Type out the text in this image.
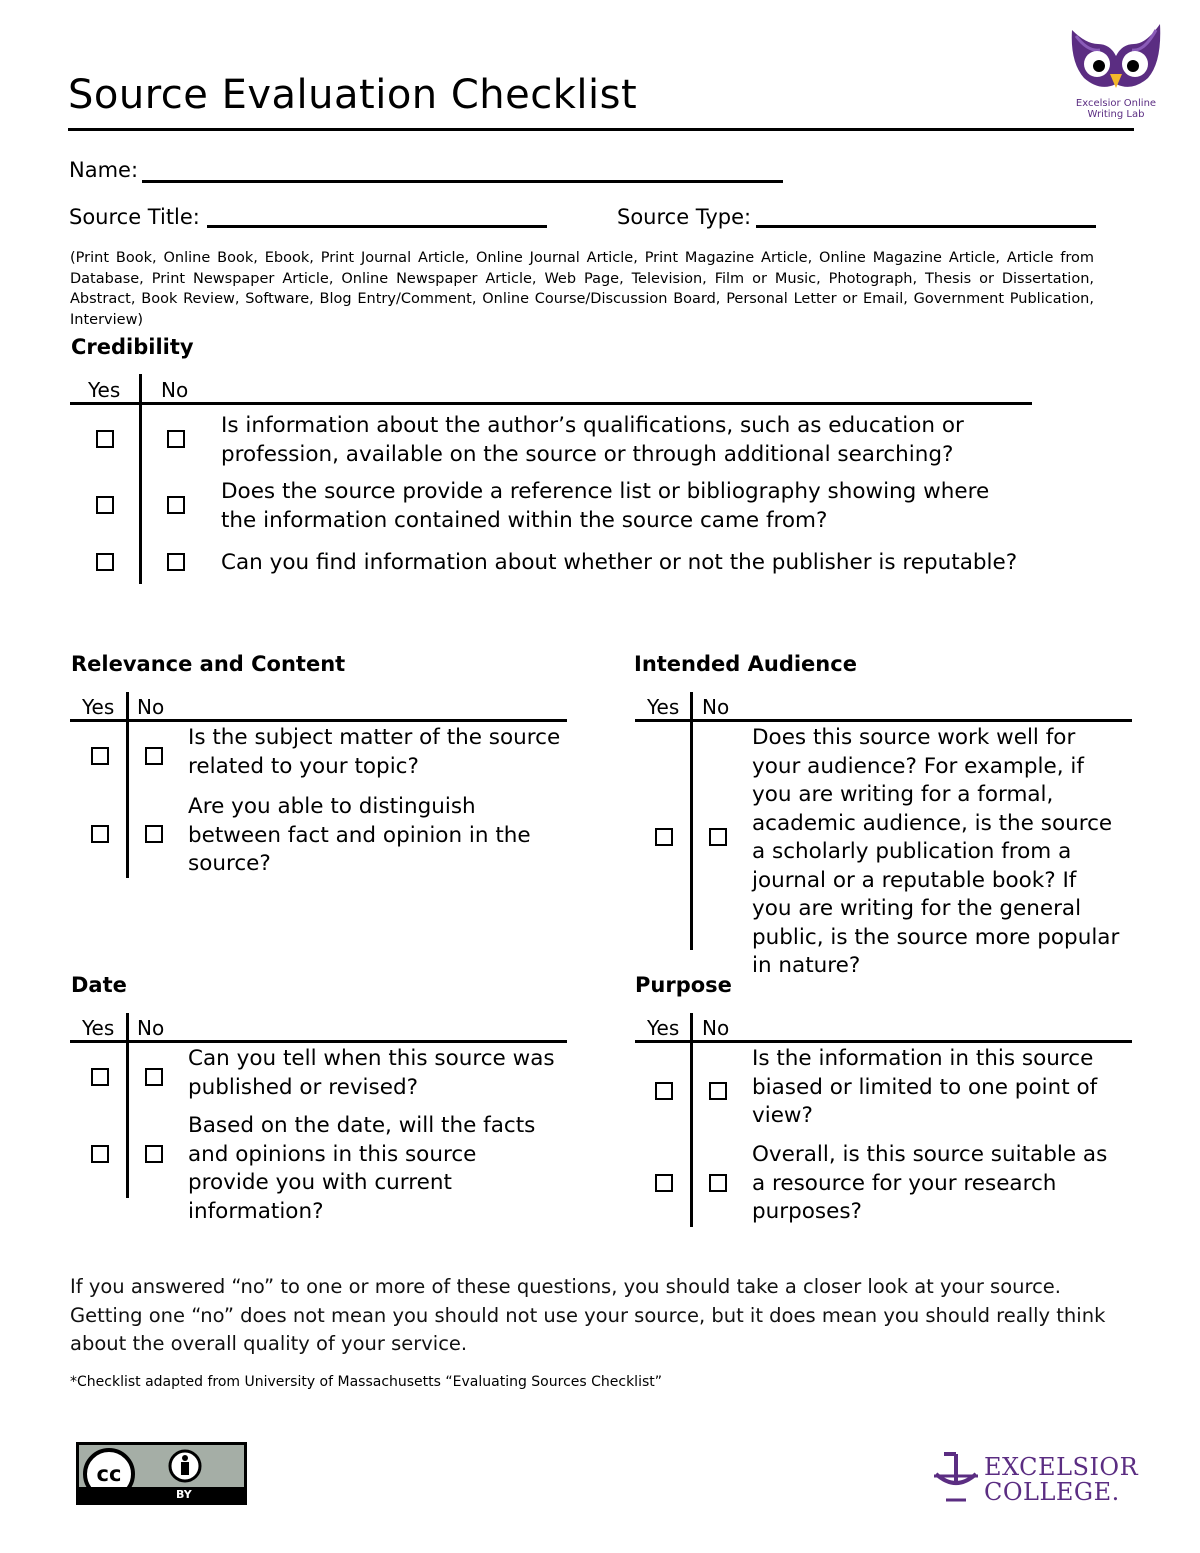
Source Evaluation Checklist	Excelsior Online
Writing Lab
Name:
Source Title:	Source Type:
(Print Book, Online Book, Ebook, Print Journal Article, Online Journal Article, Print Magazine Article, Online Magazine Article, Article from Database, Print Newspaper Article, Online Newspaper Article, Web Page, Television, Film or Music, Photograph, Thesis or Dissertation, Abstract, Book Review, Software, Blog Entry/Comment, Online Course/Discussion Board, Personal Letter or Email, Government Publication, Interview)
Credibility
Yes No
Is information about the author’s qualifications, such as education or profession, available on the source or through additional searching?
Does the source provide a reference list or bibliography showing where the information contained within the source came from?
Can you find information about whether or not the publisher is reputable?
Relevance and Content
Yes No
Is the subject matter of the source related to your topic?
Are you able to distinguish between fact and opinion in the source?
Intended Audience
Yes No
Does this source work well for your audience? For example, if you are writing for a formal, academic audience, is the source a scholarly publication from a journal or a reputable book? If you are writing for the general public, is the source more popular in nature?
Date
Yes No
Can you tell when this source was published or revised?
Based on the date, will the facts and opinions in this source provide you with current information?
Purpose
Yes No
Is the information in this source biased or limited to one point of view?
Overall, is this source suitable as a resource for your research purposes?
If you answered “no” to one or more of these questions, you should take a closer look at your source. Getting one “no” does not mean you should not use your source, but it does mean you should really think about the overall quality of your service.
*Checklist adapted from University of Massachusetts “Evaluating Sources Checklist”
cc
BY
EXCELSIOR
COLLEGE.
